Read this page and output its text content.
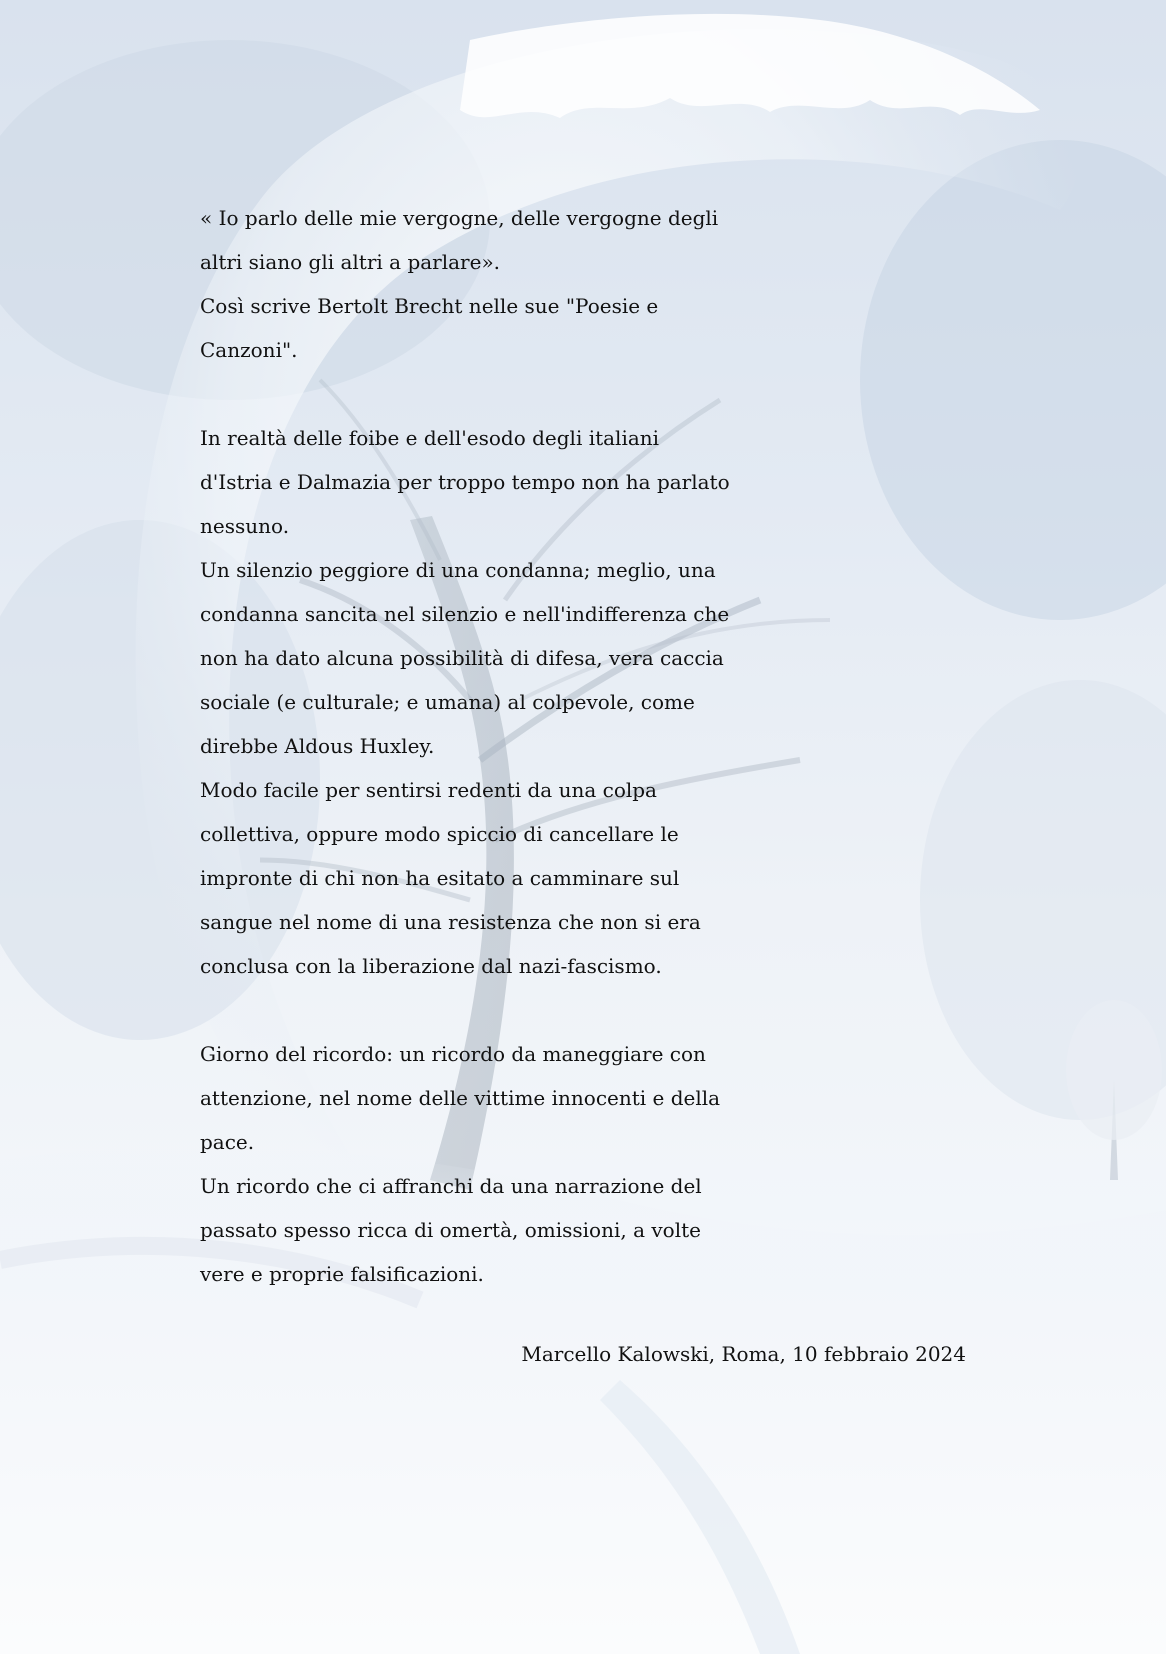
« Io parlo delle mie vergogne, delle vergogne degli
altri siano gli altri a parlare».
Così scrive Bertolt Brecht nelle sue "Poesie e
Canzoni".
In realtà delle foibe e dell'esodo degli italiani
d'Istria e Dalmazia per troppo tempo non ha parlato
nessuno.
Un silenzio peggiore di una condanna; meglio, una
condanna sancita nel silenzio e nell'indifferenza che
non ha dato alcuna possibilità di difesa, vera caccia
sociale (e culturale; e umana) al colpevole, come
direbbe Aldous Huxley.
Modo facile per sentirsi redenti da una colpa
collettiva, oppure modo spiccio di cancellare le
impronte di chi non ha esitato a camminare sul
sangue nel nome di una resistenza che non si era
conclusa con la liberazione dal nazi-fascismo.
Giorno del ricordo: un ricordo da maneggiare con
attenzione, nel nome delle vittime innocenti e della
pace.
Un ricordo che ci affranchi da una narrazione del
passato spesso ricca di omertà, omissioni, a volte
vere e proprie falsificazioni.
Marcello Kalowski, Roma, 10 febbraio 2024
